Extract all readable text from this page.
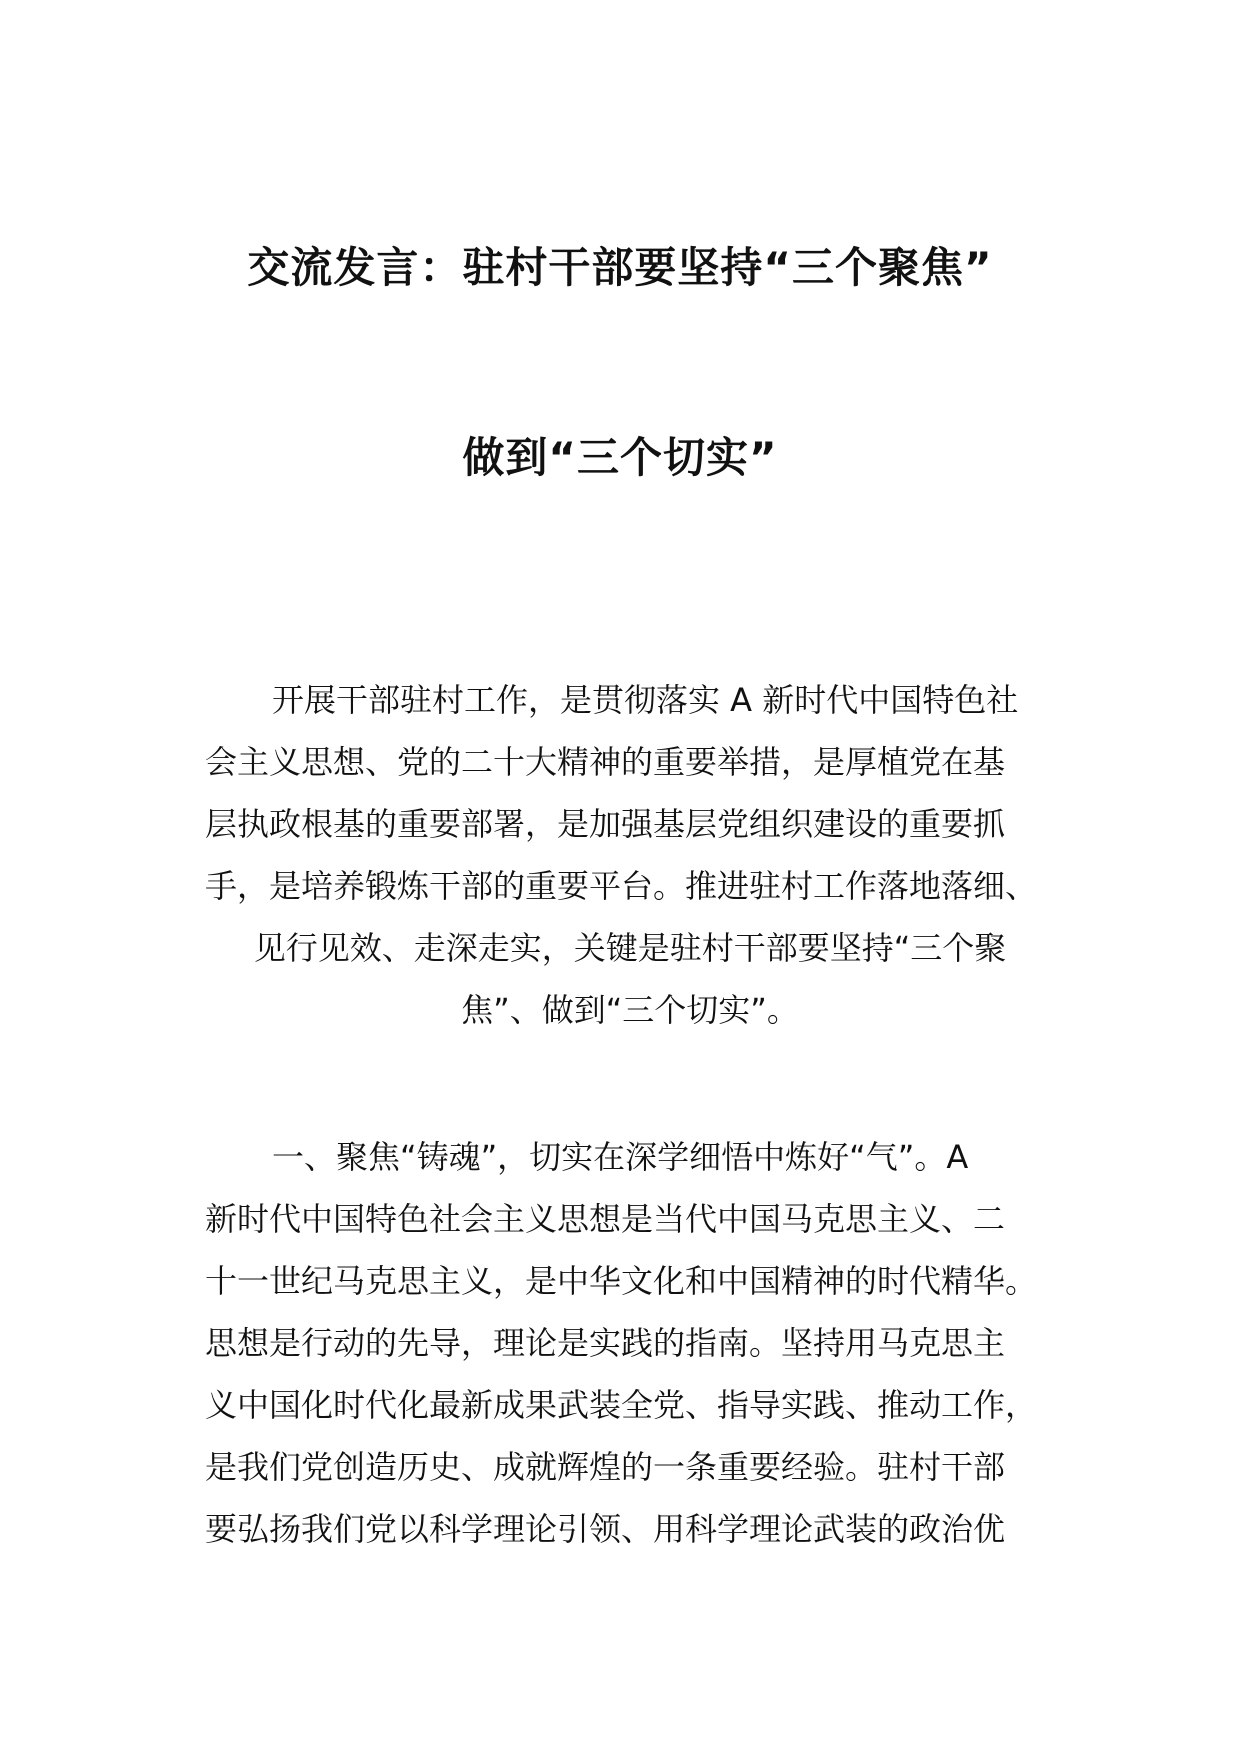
交流发言：驻村干部要坚持“三个聚焦”
做到“三个切实”
开展干部驻村工作，是贯彻落实 A 新时代中国特色社
会主义思想、党的二十大精神的重要举措，是厚植党在基
层执政根基的重要部署，是加强基层党组织建设的重要抓
手，是培养锻炼干部的重要平台。推进驻村工作落地落细、
见行见效、走深走实，关键是驻村干部要坚持“三个聚
焦”、做到“三个切实”。
一、聚焦“铸魂”，切实在深学细悟中炼好“气”。A
新时代中国特色社会主义思想是当代中国马克思主义、二
十一世纪马克思主义，是中华文化和中国精神的时代精华。
思想是行动的先导，理论是实践的指南。坚持用马克思主
义中国化时代化最新成果武装全党、指导实践、推动工作，
是我们党创造历史、成就辉煌的一条重要经验。驻村干部
要弘扬我们党以科学理论引领、用科学理论武装的政治优
